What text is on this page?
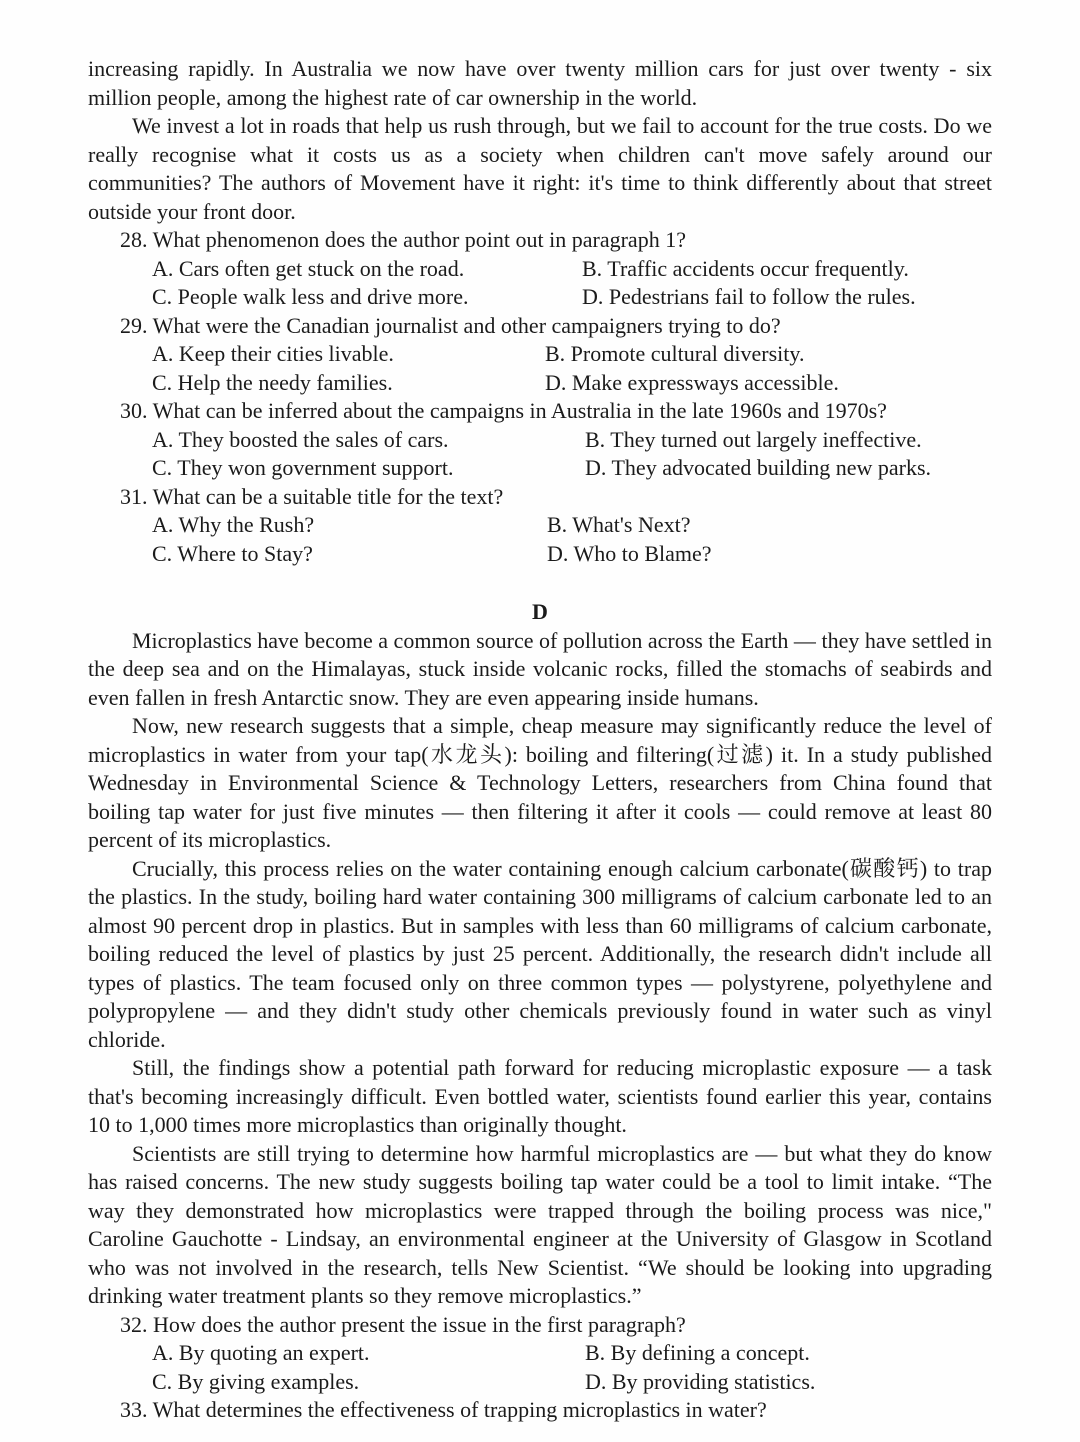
increasing rapidly. In Australia we now have over twenty million cars for just over twenty - six million people, among the highest rate of car ownership in the world.

We invest a lot in roads that help us rush through, but we fail to account for the true costs. Do we really recognise what it costs us as a society when children can't move safely around our communities? The authors of Movement have it right: it's time to think differently about that street outside your front door.

28. What phenomenon does the author point out in paragraph 1?
A. Cars often get stuck on the road.	B. Traffic accidents occur frequently.
C. People walk less and drive more.	D. Pedestrians fail to follow the rules.
29. What were the Canadian journalist and other campaigners trying to do?
A. Keep their cities livable.	B. Promote cultural diversity.
C. Help the needy families.	D. Make expressways accessible.
30. What can be inferred about the campaigns in Australia in the late 1960s and 1970s?
A. They boosted the sales of cars.	B. They turned out largely ineffective.
C. They won government support.	D. They advocated building new parks.
31. What can be a suitable title for the text?
A. Why the Rush?	B. What's Next?
C. Where to Stay?	D. Who to Blame?
D

Microplastics have become a common source of pollution across the Earth — they have settled in the deep sea and on the Himalayas, stuck inside volcanic rocks, filled the stomachs of seabirds and even fallen in fresh Antarctic snow. They are even appearing inside humans.

Now, new research suggests that a simple, cheap measure may significantly reduce the level of microplastics in water from your tap(水龙头): boiling and filtering(过滤) it. In a study published Wednesday in Environmental Science & Technology Letters, researchers from China found that boiling tap water for just five minutes — then filtering it after it cools — could remove at least 80 percent of its microplastics.

Crucially, this process relies on the water containing enough calcium carbonate(碳酸钙) to trap the plastics. In the study, boiling hard water containing 300 milligrams of calcium carbonate led to an almost 90 percent drop in plastics. But in samples with less than 60 milligrams of calcium carbonate, boiling reduced the level of plastics by just 25 percent. Additionally, the research didn't include all types of plastics. The team focused only on three common types — polystyrene, polyethylene and polypropylene — and they didn't study other chemicals previously found in water such as vinyl chloride.

Still, the findings show a potential path forward for reducing microplastic exposure — a task that's becoming increasingly difficult. Even bottled water, scientists found earlier this year, contains 10 to 1,000 times more microplastics than originally thought.

Scientists are still trying to determine how harmful microplastics are — but what they do know has raised concerns. The new study suggests boiling tap water could be a tool to limit intake. “The way they demonstrated how microplastics were trapped through the boiling process was nice," Caroline Gauchotte - Lindsay, an environmental engineer at the University of Glasgow in Scotland who was not involved in the research, tells New Scientist. “We should be looking into upgrading drinking water treatment plants so they remove microplastics.”

32. How does the author present the issue in the first paragraph?
A. By quoting an expert.	B. By defining a concept.
C. By giving examples.	D. By providing statistics.
33. What determines the effectiveness of trapping microplastics in water?
